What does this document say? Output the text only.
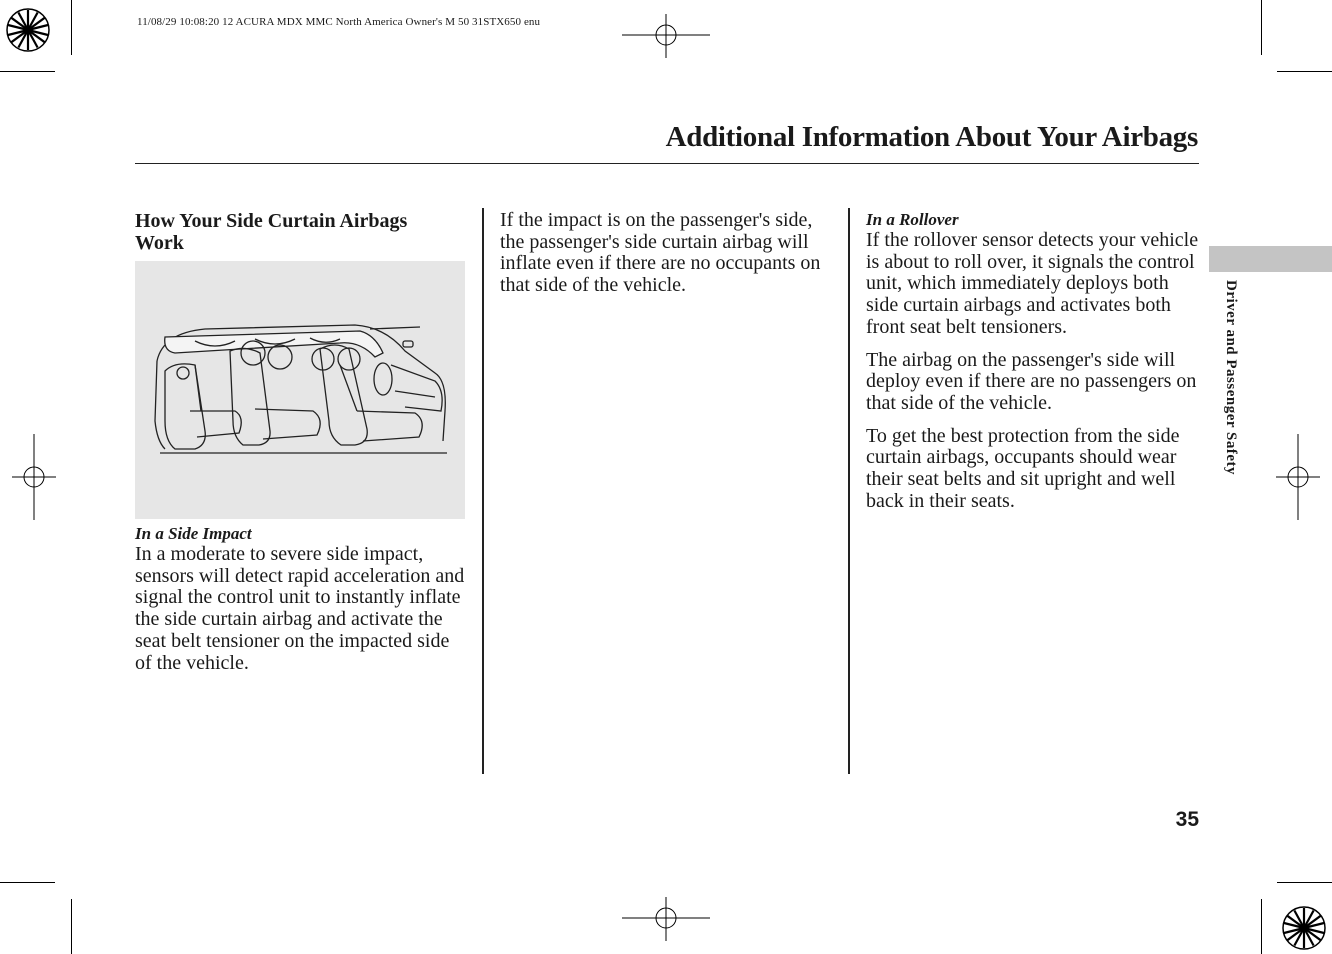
11/08/29 10:08:20 12 ACURA MDX MMC North America Owner's M 50 31STX650 enu
Additional Information About Your Airbags
How Your Side Curtain Airbags Work
In a Side Impact

In a moderate to severe side impact, sensors will detect rapid acceleration and signal the control unit to instantly inflate the side curtain airbag and activate the seat belt tensioner on the impacted side of the vehicle.

If the impact is on the passenger's side, the passenger's side curtain airbag will inflate even if there are no occupants on that side of the vehicle.

In a Rollover

If the rollover sensor detects your vehicle is about to roll over, it signals the control unit, which immediately deploys both side curtain airbags and activates both front seat belt tensioners.

The airbag on the passenger's side will deploy even if there are no passengers on that side of the vehicle.

To get the best protection from the side curtain airbags, occupants should wear their seat belts and sit upright and well back in their seats.

Driver and Passenger Safety
35
